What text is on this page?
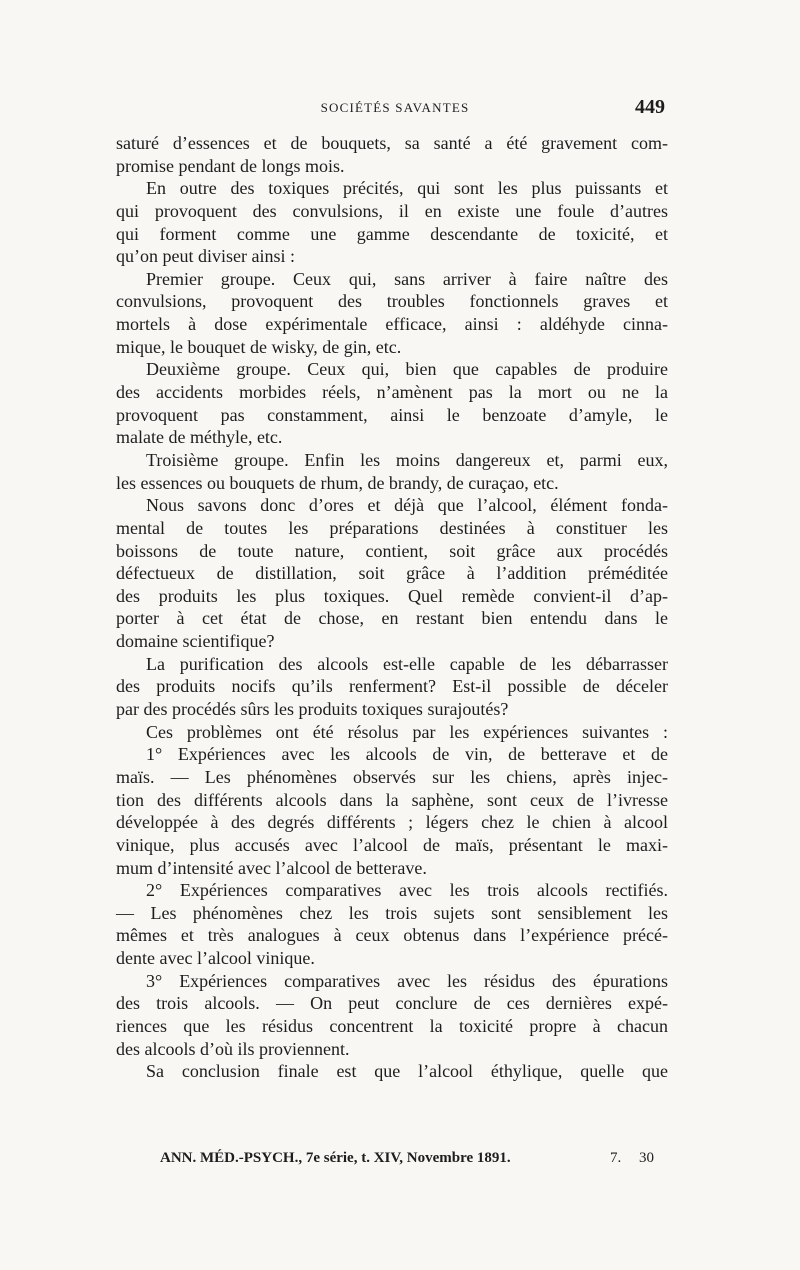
SOCIÉTÉS SAVANTES	449
saturé d’essences et de bouquets, sa santé a été gravement com-
promise pendant de longs mois.
En outre des toxiques précités, qui sont les plus puissants et
qui provoquent des convulsions, il en existe une foule d’autres
qui forment comme une gamme descendante de toxicité, et
qu’on peut diviser ainsi :
Premier groupe. Ceux qui, sans arriver à faire naître des
convulsions, provoquent des troubles fonctionnels graves et
mortels à dose expérimentale efficace, ainsi : aldéhyde cinna-
mique, le bouquet de wisky, de gin, etc.
Deuxième groupe. Ceux qui, bien que capables de produire
des accidents morbides réels, n’amènent pas la mort ou ne la
provoquent pas constamment, ainsi le benzoate d’amyle, le
malate de méthyle, etc.
Troisième groupe. Enfin les moins dangereux et, parmi eux,
les essences ou bouquets de rhum, de brandy, de curaçao, etc.
Nous savons donc d’ores et déjà que l’alcool, élément fonda-
mental de toutes les préparations destinées à constituer les
boissons de toute nature, contient, soit grâce aux procédés
défectueux de distillation, soit grâce à l’addition préméditée
des produits les plus toxiques. Quel remède convient-il d’ap-
porter à cet état de chose, en restant bien entendu dans le
domaine scientifique?
La purification des alcools est-elle capable de les débarrasser
des produits nocifs qu’ils renferment? Est-il possible de déceler
par des procédés sûrs les produits toxiques surajoutés?
Ces problèmes ont été résolus par les expériences suivantes :
1° Expériences avec les alcools de vin, de betterave et de
maïs. — Les phénomènes observés sur les chiens, après injec-
tion des différents alcools dans la saphène, sont ceux de l’ivresse
développée à des degrés différents ; légers chez le chien à alcool
vinique, plus accusés avec l’alcool de maïs, présentant le maxi-
mum d’intensité avec l’alcool de betterave.
2° Expériences comparatives avec les trois alcools rectifiés.
— Les phénomènes chez les trois sujets sont sensiblement les
mêmes et très analogues à ceux obtenus dans l’expérience précé-
dente avec l’alcool vinique.
3° Expériences comparatives avec les résidus des épurations
des trois alcools. — On peut conclure de ces dernières expé-
riences que les résidus concentrent la toxicité propre à chacun
des alcools d’où ils proviennent.
Sa conclusion finale est que l’alcool éthylique, quelle que
ANN. MÉD.-PSYCH., 7e série, t. XIV, Novembre 1891.	7. 30
